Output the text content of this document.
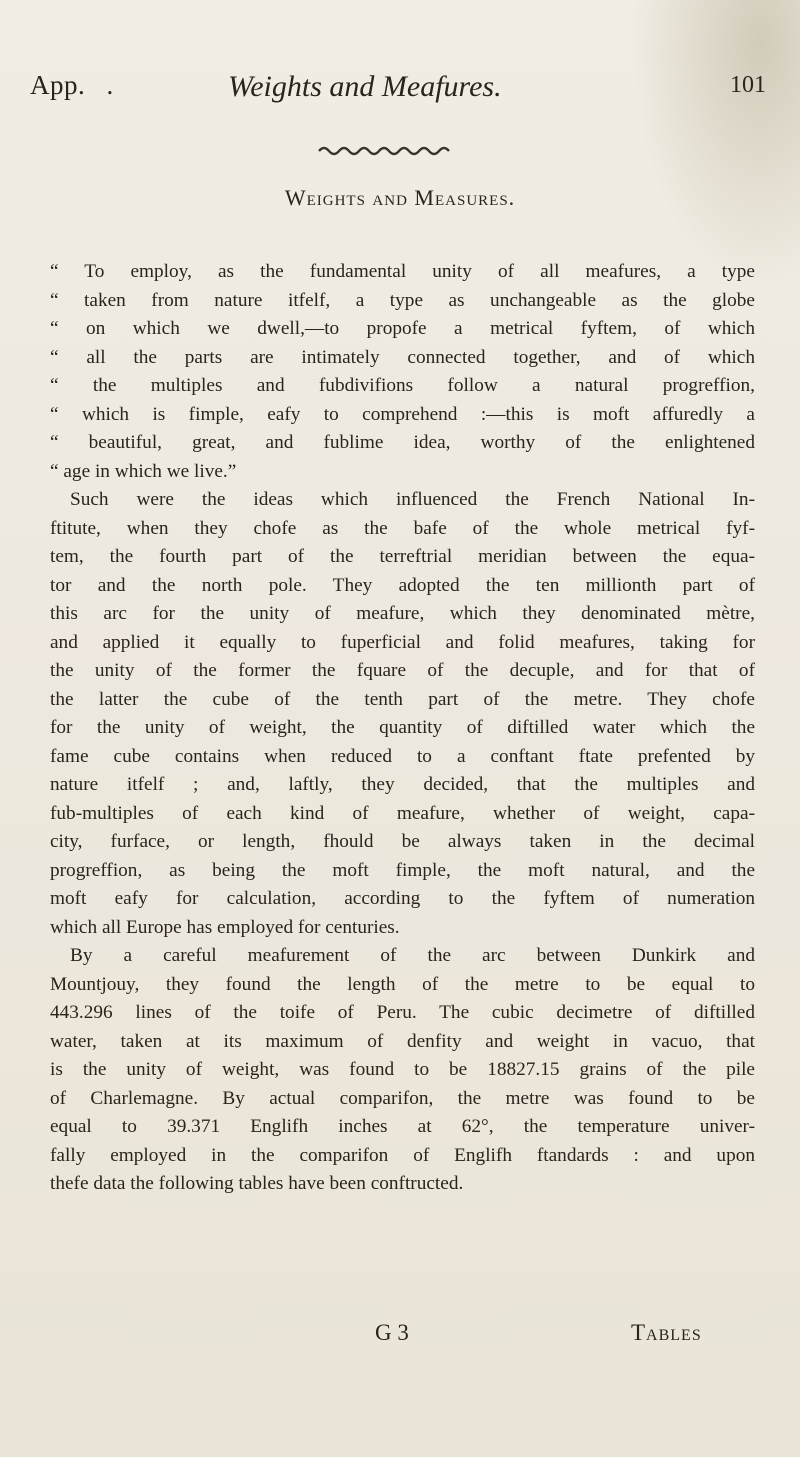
App. .	Weights and Meafures.	101
Weights and Measures.
“ To employ, as the fundamental unity of all meafures, a type
“ taken from nature itfelf, a type as unchangeable as the globe
“ on which we dwell,—to propofe a metrical fyftem, of which
“ all the parts are intimately connected together, and of which
“ the multiples and fubdivifions follow a natural progreffion,
“ which is fimple, eafy to comprehend :—this is moft affuredly a
“ beautiful, great, and fublime idea, worthy of the enlightened
“ age in which we live.”
Such were the ideas which influenced the French National In-
ftitute, when they chofe as the bafe of the whole metrical fyf-
tem, the fourth part of the terreftrial meridian between the equa-
tor and the north pole. They adopted the ten millionth part of
this arc for the unity of meafure, which they denominated mètre,
and applied it equally to fuperficial and folid meafures, taking for
the unity of the former the fquare of the decuple, and for that of
the latter the cube of the tenth part of the metre. They chofe
for the unity of weight, the quantity of diftilled water which the
fame cube contains when reduced to a conftant ftate prefented by
nature itfelf ; and, laftly, they decided, that the multiples and
fub-multiples of each kind of meafure, whether of weight, capa-
city, furface, or length, fhould be always taken in the decimal
progreffion, as being the moft fimple, the moft natural, and the
moft eafy for calculation, according to the fyftem of numeration
which all Europe has employed for centuries.
By a careful meafurement of the arc between Dunkirk and
Mountjouy, they found the length of the metre to be equal to
443.296 lines of the toife of Peru. The cubic decimetre of diftilled
water, taken at its maximum of denfity and weight in vacuo, that
is the unity of weight, was found to be 18827.15 grains of the pile
of Charlemagne. By actual comparifon, the metre was found to be
equal to 39.371 Englifh inches at 62°, the temperature univer-
fally employed in the comparifon of Englifh ftandards : and upon
thefe data the following tables have been conftructed.
G 3	Tables
